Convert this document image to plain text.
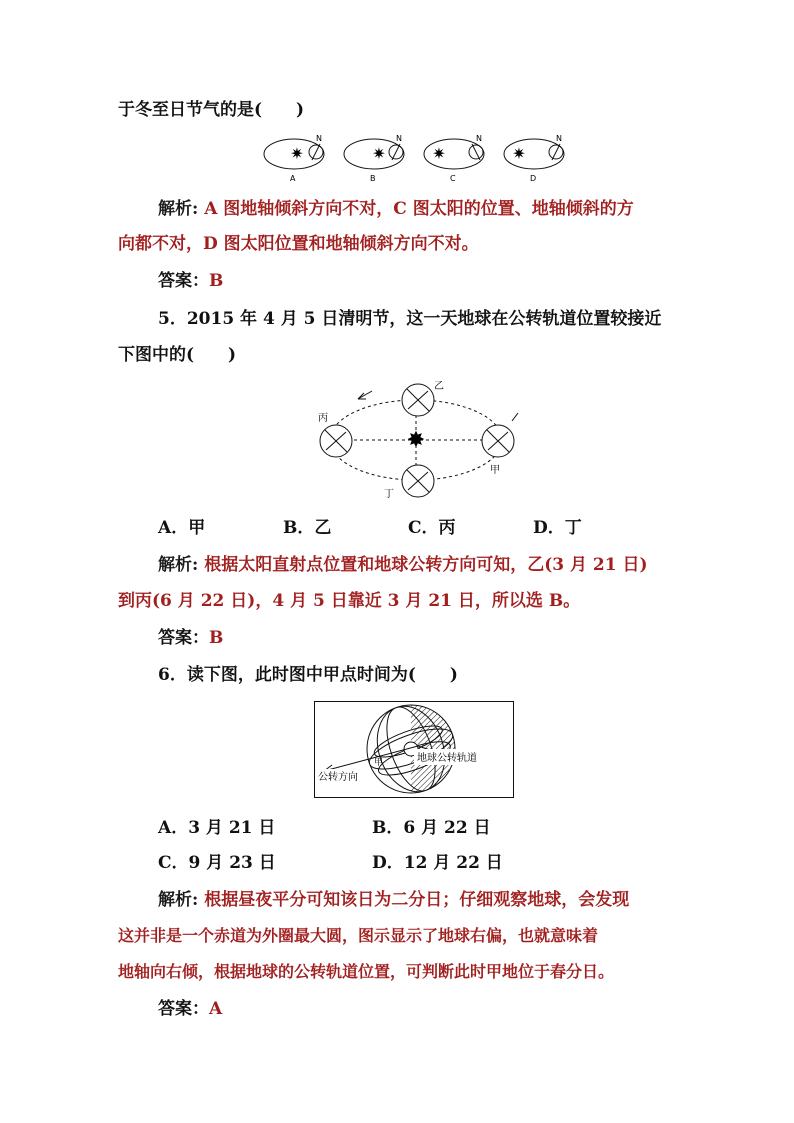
于冬至日节气的是(　　)
✷	✷	✷	✷
N	N	N	N
A	B	C	D
解析: A 图地轴倾斜方向不对，C 图太阳的位置、地轴倾斜的方
向都不对，D 图太阳位置和地轴倾斜方向不对。
答案：B
5．2015 年 4 月 5 日清明节，这一天地球在公转轨道位置较接近
下图中的(　　)
✸
乙
丙
甲
丁
A．甲	B．乙	C．丙	D．丁
解析: 根据太阳直射点位置和地球公转方向可知，乙(3 月 21 日)
到丙(6 月 22 日)，4 月 5 日靠近 3 月 21 日，所以选 B。
答案：B
6．读下图，此时图中甲点时间为(　　)
地球公转轨道
公转方向
甲
A．3 月 21 日	B．6 月 22 日
C．9 月 23 日	D．12 月 22 日
解析: 根据昼夜平分可知该日为二分日；仔细观察地球，会发现
这并非是一个赤道为外圈最大圆，图示显示了地球右偏，也就意味着
地轴向右倾，根据地球的公转轨道位置，可判断此时甲地位于春分日。
答案：A
